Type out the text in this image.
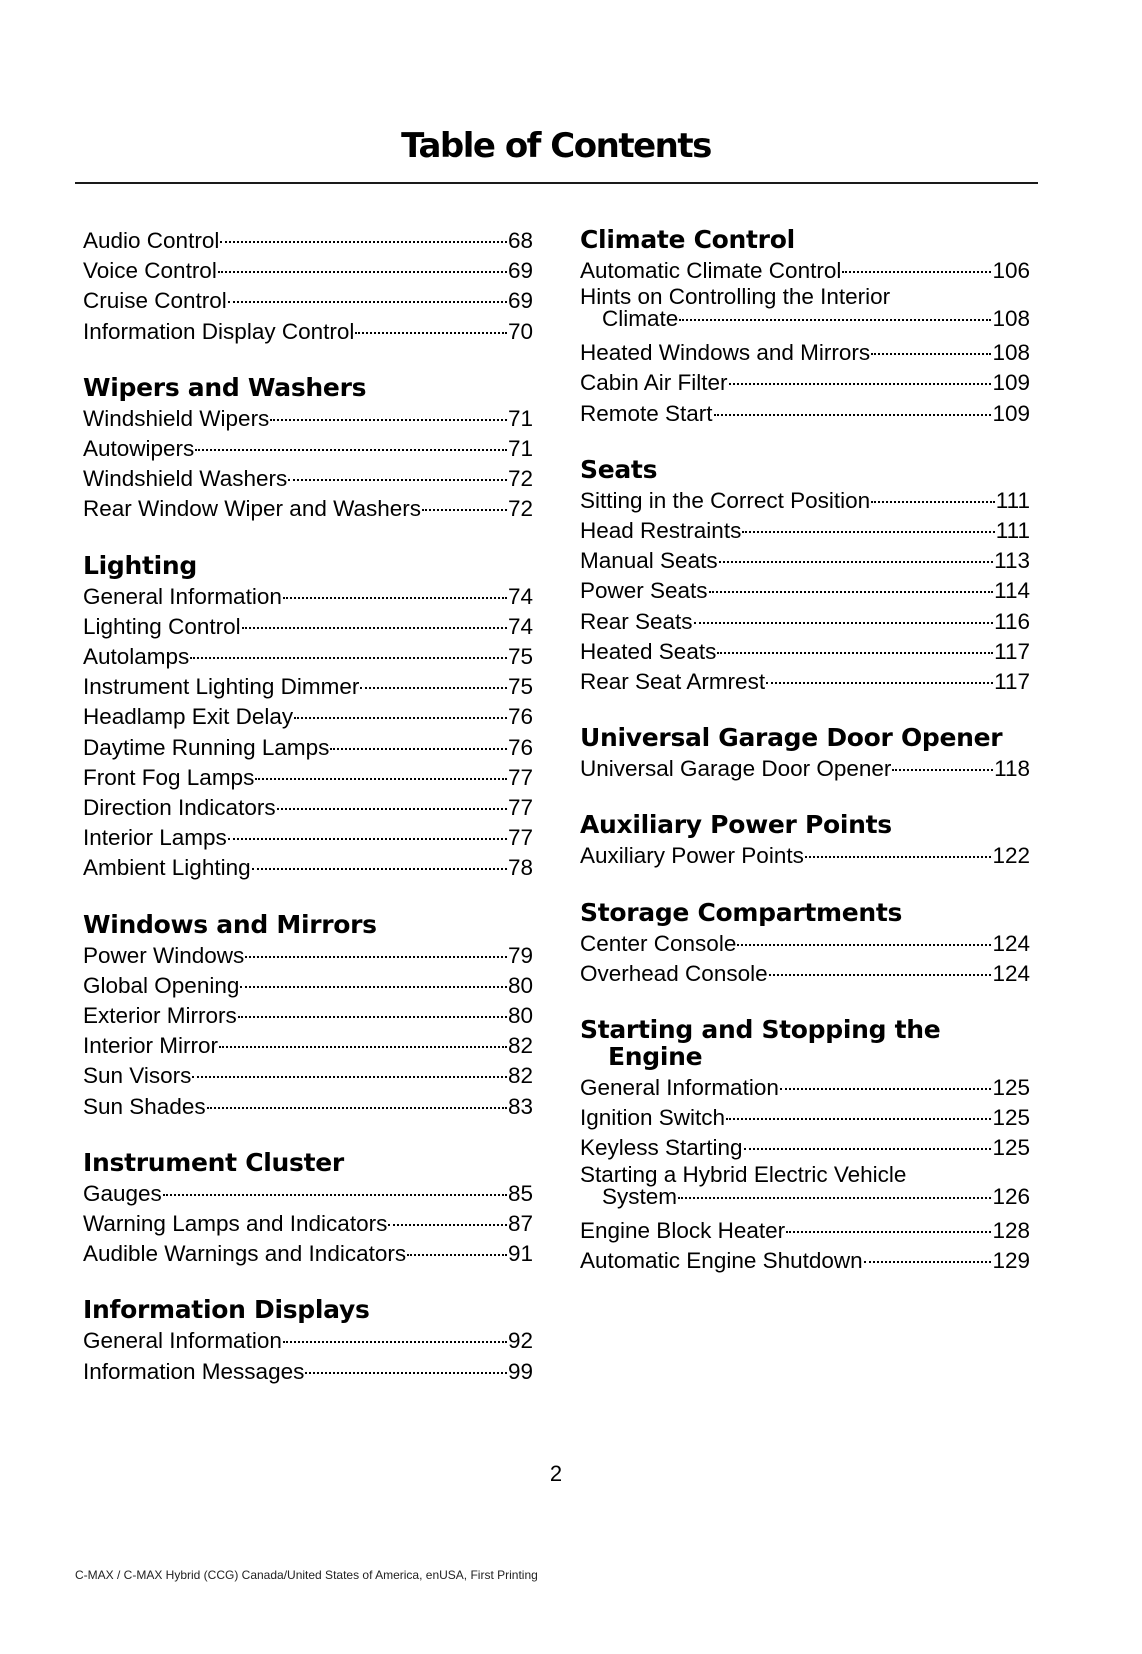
Table of Contents
Audio Control	68
Voice Control	69
Cruise Control	69
Information Display Control	70
Wipers and Washers
Windshield Wipers	71
Autowipers	71
Windshield Washers	72
Rear Window Wiper and Washers	72
Lighting
General Information	74
Lighting Control	74
Autolamps	75
Instrument Lighting Dimmer	75
Headlamp Exit Delay	76
Daytime Running Lamps	76
Front Fog Lamps	77
Direction Indicators	77
Interior Lamps	77
Ambient Lighting	78
Windows and Mirrors
Power Windows	79
Global Opening	80
Exterior Mirrors	80
Interior Mirror	82
Sun Visors	82
Sun Shades	83
Instrument Cluster
Gauges	85
Warning Lamps and Indicators	87
Audible Warnings and Indicators	91
Information Displays
General Information	92
Information Messages	99
Climate Control
Automatic Climate Control	106
Hints on Controlling the Interior
Climate	108
Heated Windows and Mirrors	108
Cabin Air Filter	109
Remote Start	109
Seats
Sitting in the Correct Position	111
Head Restraints	111
Manual Seats	113
Power Seats	114
Rear Seats	116
Heated Seats	117
Rear Seat Armrest	117
Universal Garage Door Opener
Universal Garage Door Opener	118
Auxiliary Power Points
Auxiliary Power Points	122
Storage Compartments
Center Console	124
Overhead Console	124
Starting and Stopping the Engine
General Information	125
Ignition Switch	125
Keyless Starting	125
Starting a Hybrid Electric Vehicle
System	126
Engine Block Heater	128
Automatic Engine Shutdown	129
2
C-MAX / C-MAX Hybrid (CCG) Canada/United States of America, enUSA, First Printing
